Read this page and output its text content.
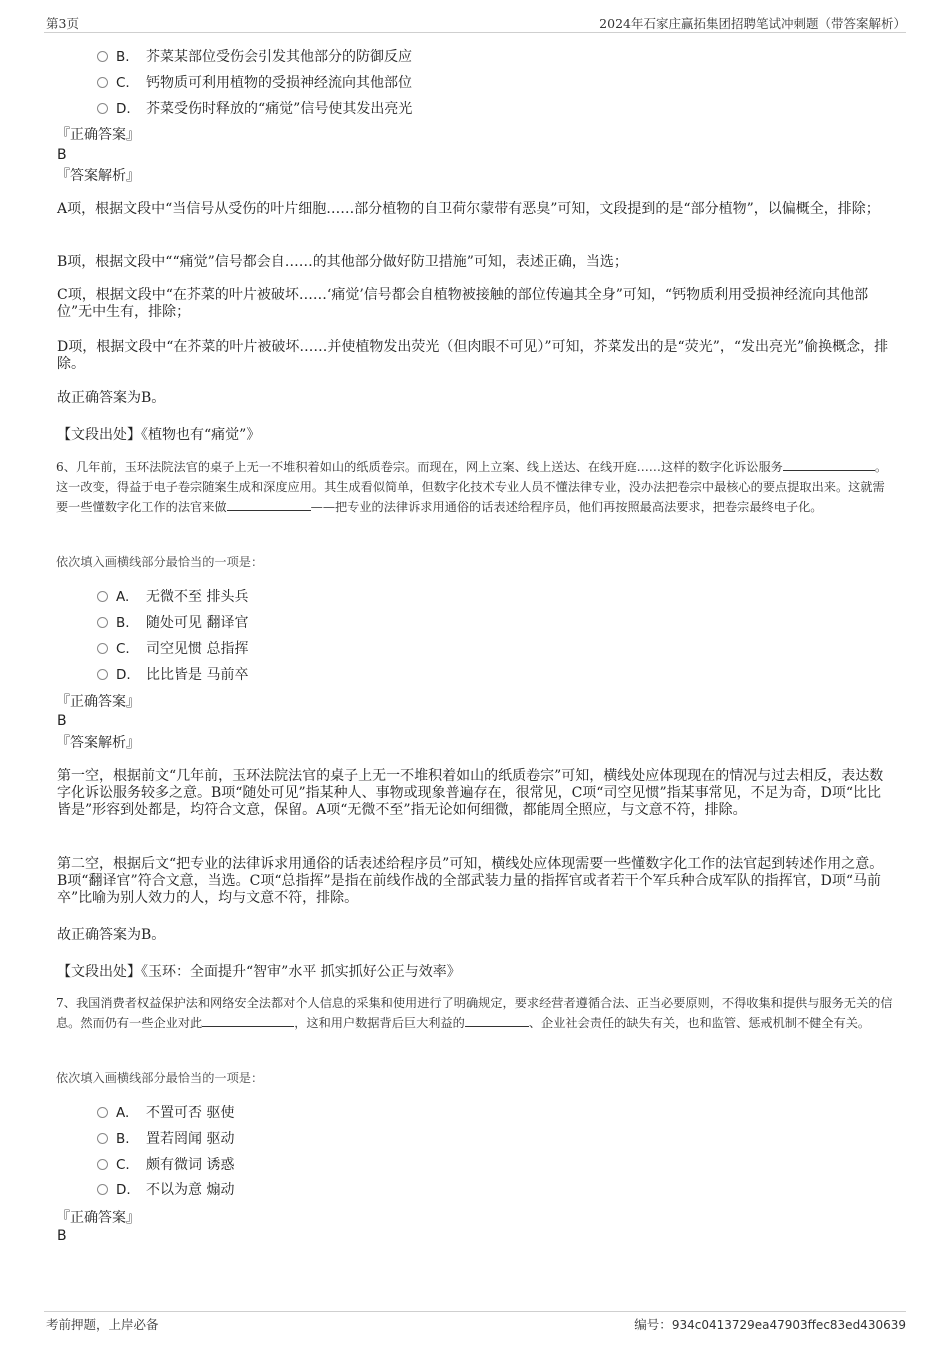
第3页	2024年石家庄赢拓集团招聘笔试冲刺题（带答案解析）
B. 芥菜某部位受伤会引发其他部分的防御反应
C. 钙物质可利用植物的受损神经流向其他部位
D. 芥菜受伤时释放的“痛觉”信号使其发出亮光
『正确答案』
B
『答案解析』
A项，根据文段中“当信号从受伤的叶片细胞……部分植物的自卫荷尔蒙带有恶臭”可知，文段提到的是“部分植物”，以偏概全，排除；
B项，根据文段中““痛觉”信号都会自……的其他部分做好防卫措施”可知，表述正确，当选；
C项，根据文段中“在芥菜的叶片被破坏……‘痛觉’信号都会自植物被接触的部位传遍其全身”可知，“钙物质利用受损神经流向其他部位”无中生有，排除；
D项，根据文段中“在芥菜的叶片被破坏……并使植物发出荧光（但肉眼不可见）”可知，芥菜发出的是“荧光”，“发出亮光”偷换概念，排除。
故正确答案为B。
【文段出处】《植物也有“痛觉”》
6、几年前，玉环法院法官的桌子上无一不堆积着如山的纸质卷宗。而现在，网上立案、线上送达、在线开庭……这样的数字化诉讼服务	。这一改变，得益于电子卷宗随案生成和深度应用。其生成看似简单，但数字化技术专业人员不懂法律专业，没办法把卷宗中最核心的要点提取出来。这就需要一些懂数字化工作的法官来做	——把专业的法律诉求用通俗的话表述给程序员，他们再按照最高法要求，把卷宗最终电子化。
依次填入画横线部分最恰当的一项是：
A. 无微不至 排头兵
B. 随处可见 翻译官
C. 司空见惯 总指挥
D. 比比皆是 马前卒
『正确答案』
B
『答案解析』
第一空，根据前文“几年前，玉环法院法官的桌子上无一不堆积着如山的纸质卷宗”可知，横线处应体现现在的情况与过去相反，表达数字化诉讼服务较多之意。B项“随处可见”指某种人、事物或现象普遍存在，很常见，C项“司空见惯”指某事常见，不足为奇，D项“比比皆是”形容到处都是，均符合文意，保留。A项“无微不至”指无论如何细微，都能周全照应，与文意不符，排除。
第二空，根据后文“把专业的法律诉求用通俗的话表述给程序员”可知，横线处应体现需要一些懂数字化工作的法官起到转述作用之意。B项“翻译官”符合文意，当选。C项“总指挥”是指在前线作战的全部武装力量的指挥官或者若干个军兵种合成军队的指挥官，D项“马前卒”比喻为别人效力的人，均与文意不符，排除。
故正确答案为B。
【文段出处】《玉环：全面提升“智审”水平 抓实抓好公正与效率》
7、我国消费者权益保护法和网络安全法都对个人信息的采集和使用进行了明确规定，要求经营者遵循合法、正当必要原则，不得收集和提供与服务无关的信息。然而仍有一些企业对此	，这和用户数据背后巨大利益的	、企业社会责任的缺失有关，也和监管、惩戒机制不健全有关。
依次填入画横线部分最恰当的一项是：
A. 不置可否 驱使
B. 置若罔闻 驱动
C. 颇有微词 诱惑
D. 不以为意 煽动
『正确答案』
B
考前押题，上岸必备	编号：934c0413729ea47903ffec83ed430639
